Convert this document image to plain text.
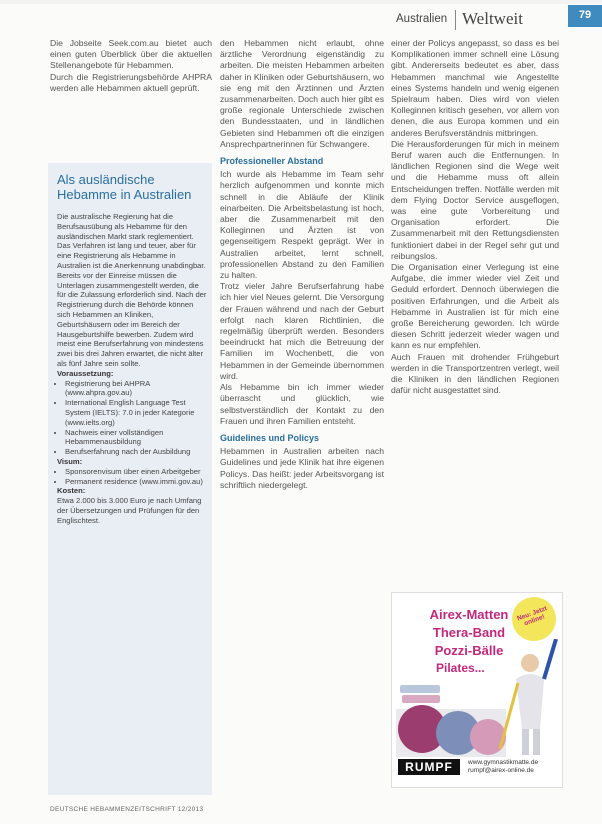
Australien Weltweit	79

Die Jobseite Seek.com.au bietet auch einen guten Überblick über die aktuellen Stellenangebote für Hebammen.

Durch die Registrierungsbehörde AHPRA werden alle Hebammen aktuell geprüft.

Als ausländische Hebamme in Australien

Die australische Regierung hat die Berufsausübung als Hebamme für den ausländischen Markt stark reglementiert. Das Verfahren ist lang und teuer, aber für eine Registrierung als Hebamme in Australien ist die Anerkennung unabdingbar. Bereits vor der Einreise müssen die Unterlagen zusammengestellt werden, die für die Zulassung erforderlich sind. Nach der Registrierung durch die Behörde können sich Hebammen an Kliniken, Geburtshäusern oder im Bereich der Hausgeburtshilfe bewerben. Zudem wird meist eine Berufserfahrung von mindestens zwei bis drei Jahren erwartet, die nicht älter als fünf Jahre sein sollte.

Voraussetzung:

• Registrierung bei AHPRA (www.ahpra.gov.au)
• International English Language Test System (IELTS): 7.0 in jeder Kategorie (www.ielts.org)
• Nachweis einer vollständigen Hebammenausbildung
• Berufserfahrung nach der Ausbildung

Visum:

• Sponsorenvisum über einen Arbeitgeber
• Permanent residence (www.immi.gov.au)

Kosten:

Etwa 2.000 bis 3.000 Euro je nach Umfang der Übersetzungen und Prüfungen für den Englischtest.

den Hebammen nicht erlaubt, ohne ärztliche Verordnung eigenständig zu arbeiten. Die meisten Hebammen arbeiten daher in Kliniken oder Geburtshäusern, wo sie eng mit den Ärztinnen und Ärzten zusammenarbeiten. Doch auch hier gibt es große regionale Unterschiede zwischen den Bundesstaaten, und in ländlichen Gebieten sind Hebammen oft die einzigen Ansprechpartnerinnen für Schwangere.

Professioneller Abstand

Ich wurde als Hebamme im Team sehr herzlich aufgenommen und konnte mich schnell in die Abläufe der Klinik einarbeiten. Die Arbeitsbelastung ist hoch, aber die Zusammenarbeit mit den Kolleginnen und Ärzten ist von gegenseitigem Respekt geprägt. Wer in Australien arbeitet, lernt schnell, professionellen Abstand zu den Familien zu halten.

Trotz vieler Jahre Berufserfahrung habe ich hier viel Neues gelernt. Die Versorgung der Frauen während und nach der Geburt erfolgt nach klaren Richtlinien, die regelmäßig überprüft werden. Besonders beeindruckt hat mich die Betreuung der Familien im Wochenbett, die von Hebammen in der Gemeinde übernommen wird.

Als Hebamme bin ich immer wieder überrascht und glücklich, wie selbstverständlich der Kontakt zu den Frauen und ihren Familien entsteht.

Guidelines und Policys

Hebammen in Australien arbeiten nach Guidelines und jede Klinik hat ihre eigenen Policys. Das heißt: jeder Arbeitsvorgang ist schriftlich niedergelegt.

einer der Policys angepasst, so dass es bei Komplikationen immer schnell eine Lösung gibt. Andererseits bedeutet es aber, dass Hebammen manchmal wie Angestellte eines Systems handeln und wenig eigenen Spielraum haben. Dies wird von vielen Kolleginnen kritisch gesehen, vor allem von denen, die aus Europa kommen und ein anderes Berufsverständnis mitbringen.

Die Herausforderungen für mich in meinem Beruf waren auch die Entfernungen. In ländlichen Regionen sind die Wege weit und die Hebamme muss oft allein Entscheidungen treffen. Notfälle werden mit dem Flying Doctor Service ausgeflogen, was eine gute Vorbereitung und Organisation erfordert. Die Zusammenarbeit mit den Rettungsdiensten funktioniert dabei in der Regel sehr gut und reibungslos.

Die Organisation einer Verlegung ist eine Aufgabe, die immer wieder viel Zeit und Geduld erfordert. Dennoch überwiegen die positiven Erfahrungen, und die Arbeit als Hebamme in Australien ist für mich eine große Bereicherung geworden. Ich würde diesen Schritt jederzeit wieder wagen und kann es nur empfehlen.

Auch Frauen mit drohender Frühgeburt werden in die Transportzentren verlegt, weil die Kliniken in den ländlichen Regionen dafür nicht ausgestattet sind.

Airex-Matten
Thera-Band
Pozzi-Bälle
Pilates...
Neu: Jetzt online!
RUMPF	www.gymnastikmatte.de
rumpf@airex-online.de
DEUTSCHE HEBAMMENZEITSCHRIFT 12/2013
